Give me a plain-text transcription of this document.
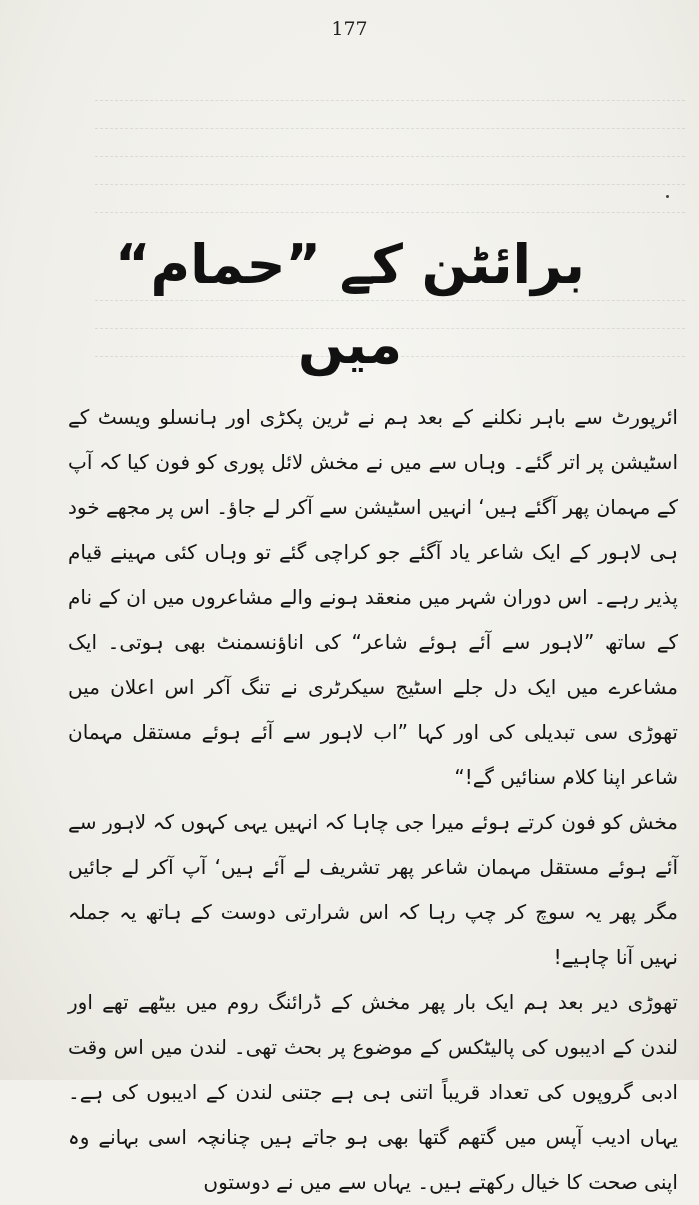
177
برائٹن کے ”حمام“ میں

ائرپورٹ سے باہر نکلنے کے بعد ہم نے ٹرین پکڑی اور ہانسلو ویسٹ کے اسٹیشن پر اتر گئے۔ وہاں سے میں نے مخش لائل پوری کو فون کیا کہ آپ کے مہمان پھر آگئے ہیں‘ انہیں اسٹیشن سے آکر لے جاؤ۔ اس پر مجھے خود ہی لاہور کے ایک شاعر یاد آگئے جو کراچی گئے تو وہاں کئی مہینے قیام پذیر رہے۔ اس دوران شہر میں منعقد ہونے والے مشاعروں میں ان کے نام کے ساتھ ”لاہور سے آئے ہوئے شاعر“ کی اناؤنسمنٹ بھی ہوتی۔ ایک مشاعرے میں ایک دل جلے اسٹیج سیکرٹری نے تنگ آکر اس اعلان میں تھوڑی سی تبدیلی کی اور کہا ”اب لاہور سے آئے ہوئے مستقل مہمان شاعر اپنا کلام سنائیں گے!“

مخش کو فون کرتے ہوئے میرا جی چاہا کہ انہیں یہی کہوں کہ لاہور سے آئے ہوئے مستقل مہمان شاعر پھر تشریف لے آئے ہیں‘ آپ آکر لے جائیں مگر پھر یہ سوچ کر چپ رہا کہ اس شرارتی دوست کے ہاتھ یہ جملہ نہیں آنا چاہیے!

تھوڑی دیر بعد ہم ایک بار پھر مخش کے ڈرائنگ روم میں بیٹھے تھے اور لندن کے ادیبوں کی پالیٹکس کے موضوع پر بحث تھی۔ لندن میں اس وقت ادبی گروپوں کی تعداد قریباً اتنی ہی ہے جتنی لندن کے ادیبوں کی ہے۔ یہاں ادیب آپس میں گتھم گتھا بھی ہو جاتے ہیں چنانچہ اسی بہانے وہ اپنی صحت کا خیال رکھتے ہیں۔ یہاں سے میں نے دوستوں
